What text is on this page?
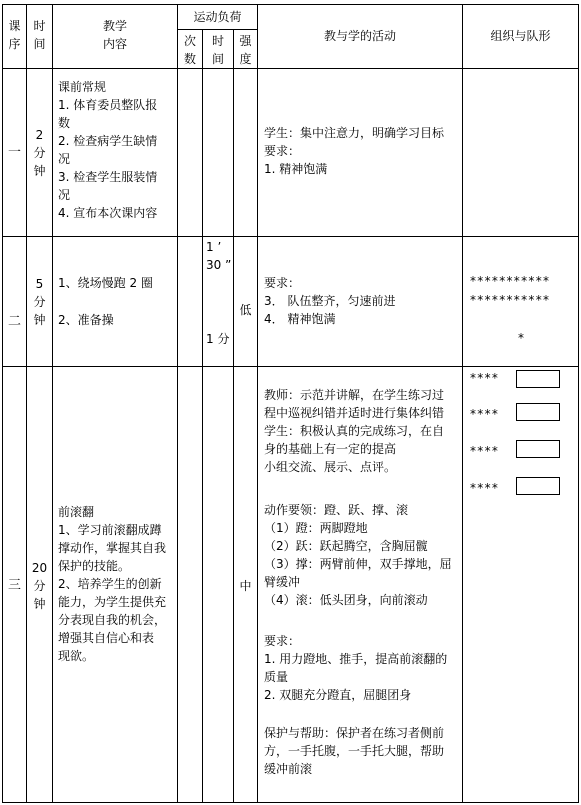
课
序
时
间
教学
内容
运动负荷
次
数
时
间
强
度
教与学的活动	组织与队形
一
2
分
钟
课前常规
1. 体育委员整队报
数
2. 检查病学生缺情
况
3. 检查学生服装情
况
4. 宣布本次课内容
学生：集中注意力，明确学习目标
要求：
1. 精神饱满
二
5
分
钟
1、绕场慢跑 2 圈
2、准备操
1 ’
30 ”
1 分
低
要求：
3． 队伍整齐，匀速前进
4． 精神饱满
***********
***********
*
三
20
分
钟
前滚翻
1、学习前滚翻成蹲
撑动作，掌握其自我
保护的技能。
2、培养学生的创新
能力，为学生提供充
分表现自我的机会，
增强其自信心和表
现欲。
中
教师：示范并讲解，在学生练习过
程中巡视纠错并适时进行集体纠错
学生：积极认真的完成练习，在自
身的基础上有一定的提高
小组交流、展示、点评。
动作要领：蹬、跃、撑、滚
（1）蹬：两脚蹬地
（2）跃：跃起腾空，含胸屈髋
（3）撑：两臂前伸，双手撑地，屈
臂缓冲
（4）滚：低头团身，向前滚动
要求：
1. 用力蹬地、推手，提高前滚翻的
质量
2. 双腿充分蹬直，屈腿团身
保护与帮助：保护者在练习者侧前
方，一手托腹，一手托大腿，帮助
缓冲前滚
****
****
****
****
